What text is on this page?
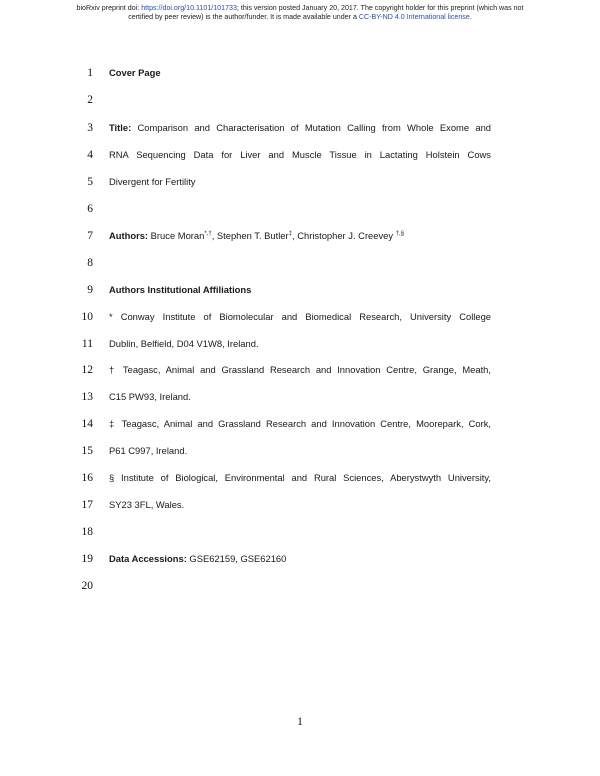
bioRxiv preprint doi: https://doi.org/10.1101/101733; this version posted January 20, 2017. The copyright holder for this preprint (which was not
certified by peer review) is the author/funder. It is made available under a CC-BY-ND 4.0 International license.
1 Cover Page
2
3 Title: Comparison and Characterisation of Mutation Calling from Whole Exome and
4 RNA Sequencing Data for Liver and Muscle Tissue in Lactating Holstein Cows
5 Divergent for Fertility
6
7 Authors: Bruce Moran*,†, Stephen T. Butler‡, Christopher J. Creevey †,§
8
9 Authors Institutional Affiliations
10 * Conway Institute of Biomolecular and Biomedical Research, University College
11 Dublin, Belfield, D04 V1W8, Ireland.
12 † Teagasc, Animal and Grassland Research and Innovation Centre, Grange, Meath,
13 C15 PW93, Ireland.
14 ‡ Teagasc, Animal and Grassland Research and Innovation Centre, Moorepark, Cork,
15 P61 C997, Ireland.
16 § Institute of Biological, Environmental and Rural Sciences, Aberystwyth University,
17 SY23 3FL, Wales.
18
19 Data Accessions: GSE62159, GSE62160
20
1
